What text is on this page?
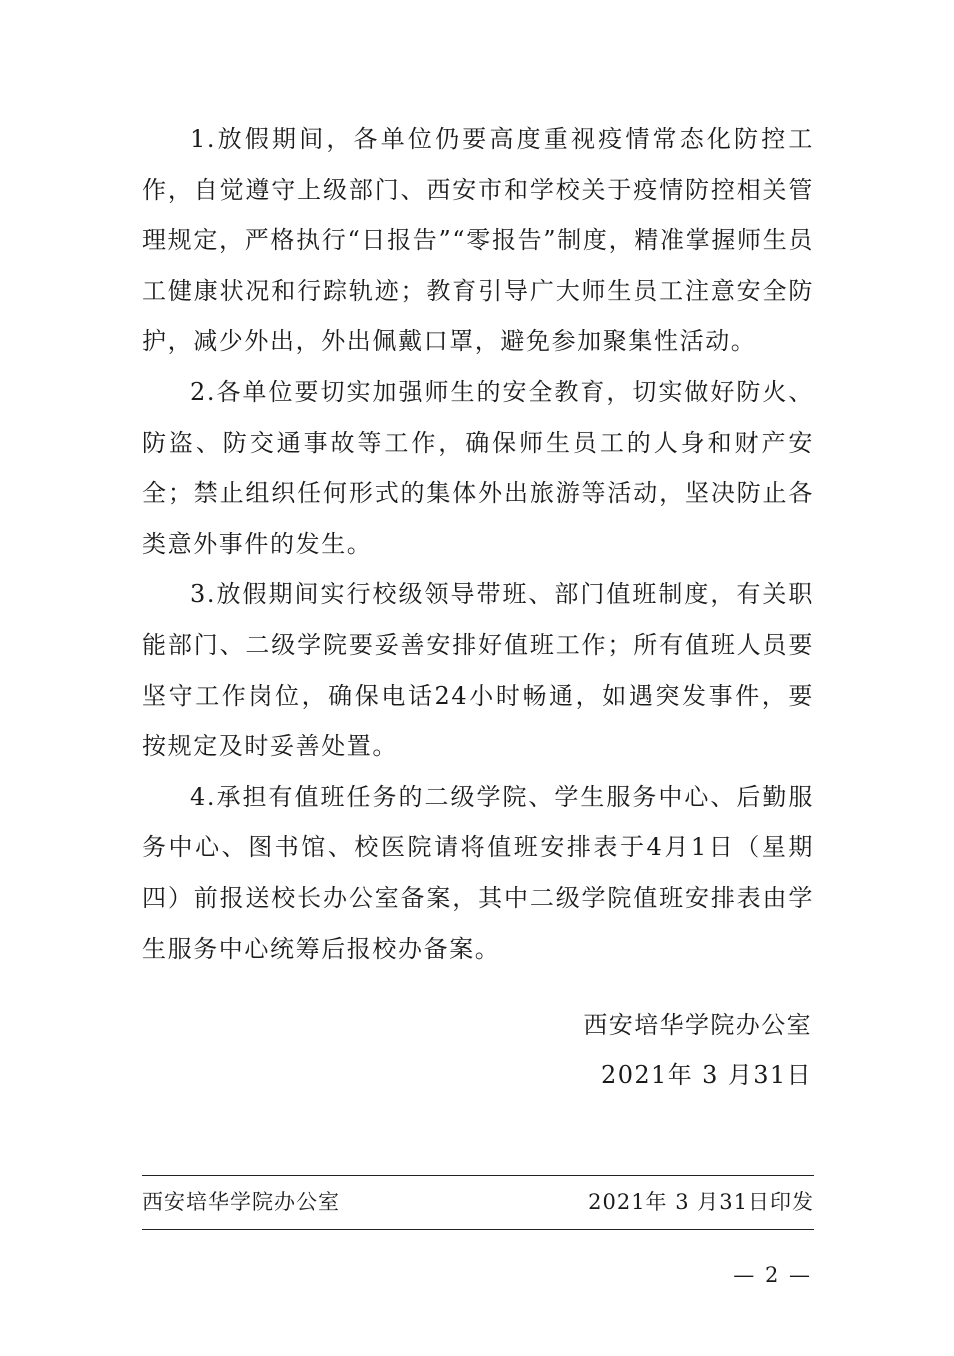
1.放假期间，各单位仍要高度重视疫情常态化防控工作，自觉遵守上级部门、西安市和学校关于疫情防控相关管理规定，严格执行“日报告”“零报告”制度，精准掌握师生员工健康状况和行踪轨迹；教育引导广大师生员工注意安全防护，减少外出，外出佩戴口罩，避免参加聚集性活动。

2.各单位要切实加强师生的安全教育，切实做好防火、防盗、防交通事故等工作，确保师生员工的人身和财产安全；禁止组织任何形式的集体外出旅游等活动，坚决防止各类意外事件的发生。

3.放假期间实行校级领导带班、部门值班制度，有关职能部门、二级学院要妥善安排好值班工作；所有值班人员要坚守工作岗位，确保电话24小时畅通，如遇突发事件，要按规定及时妥善处置。

4.承担有值班任务的二级学院、学生服务中心、后勤服务中心、图书馆、校医院请将值班安排表于4月1日（星期四）前报送校长办公室备案，其中二级学院值班安排表由学生服务中心统筹后报校办备案。

西安培华学院办公室
2021年 3 月31日
西安培华学院办公室	2021年 3 月31日印发
— 2 —
